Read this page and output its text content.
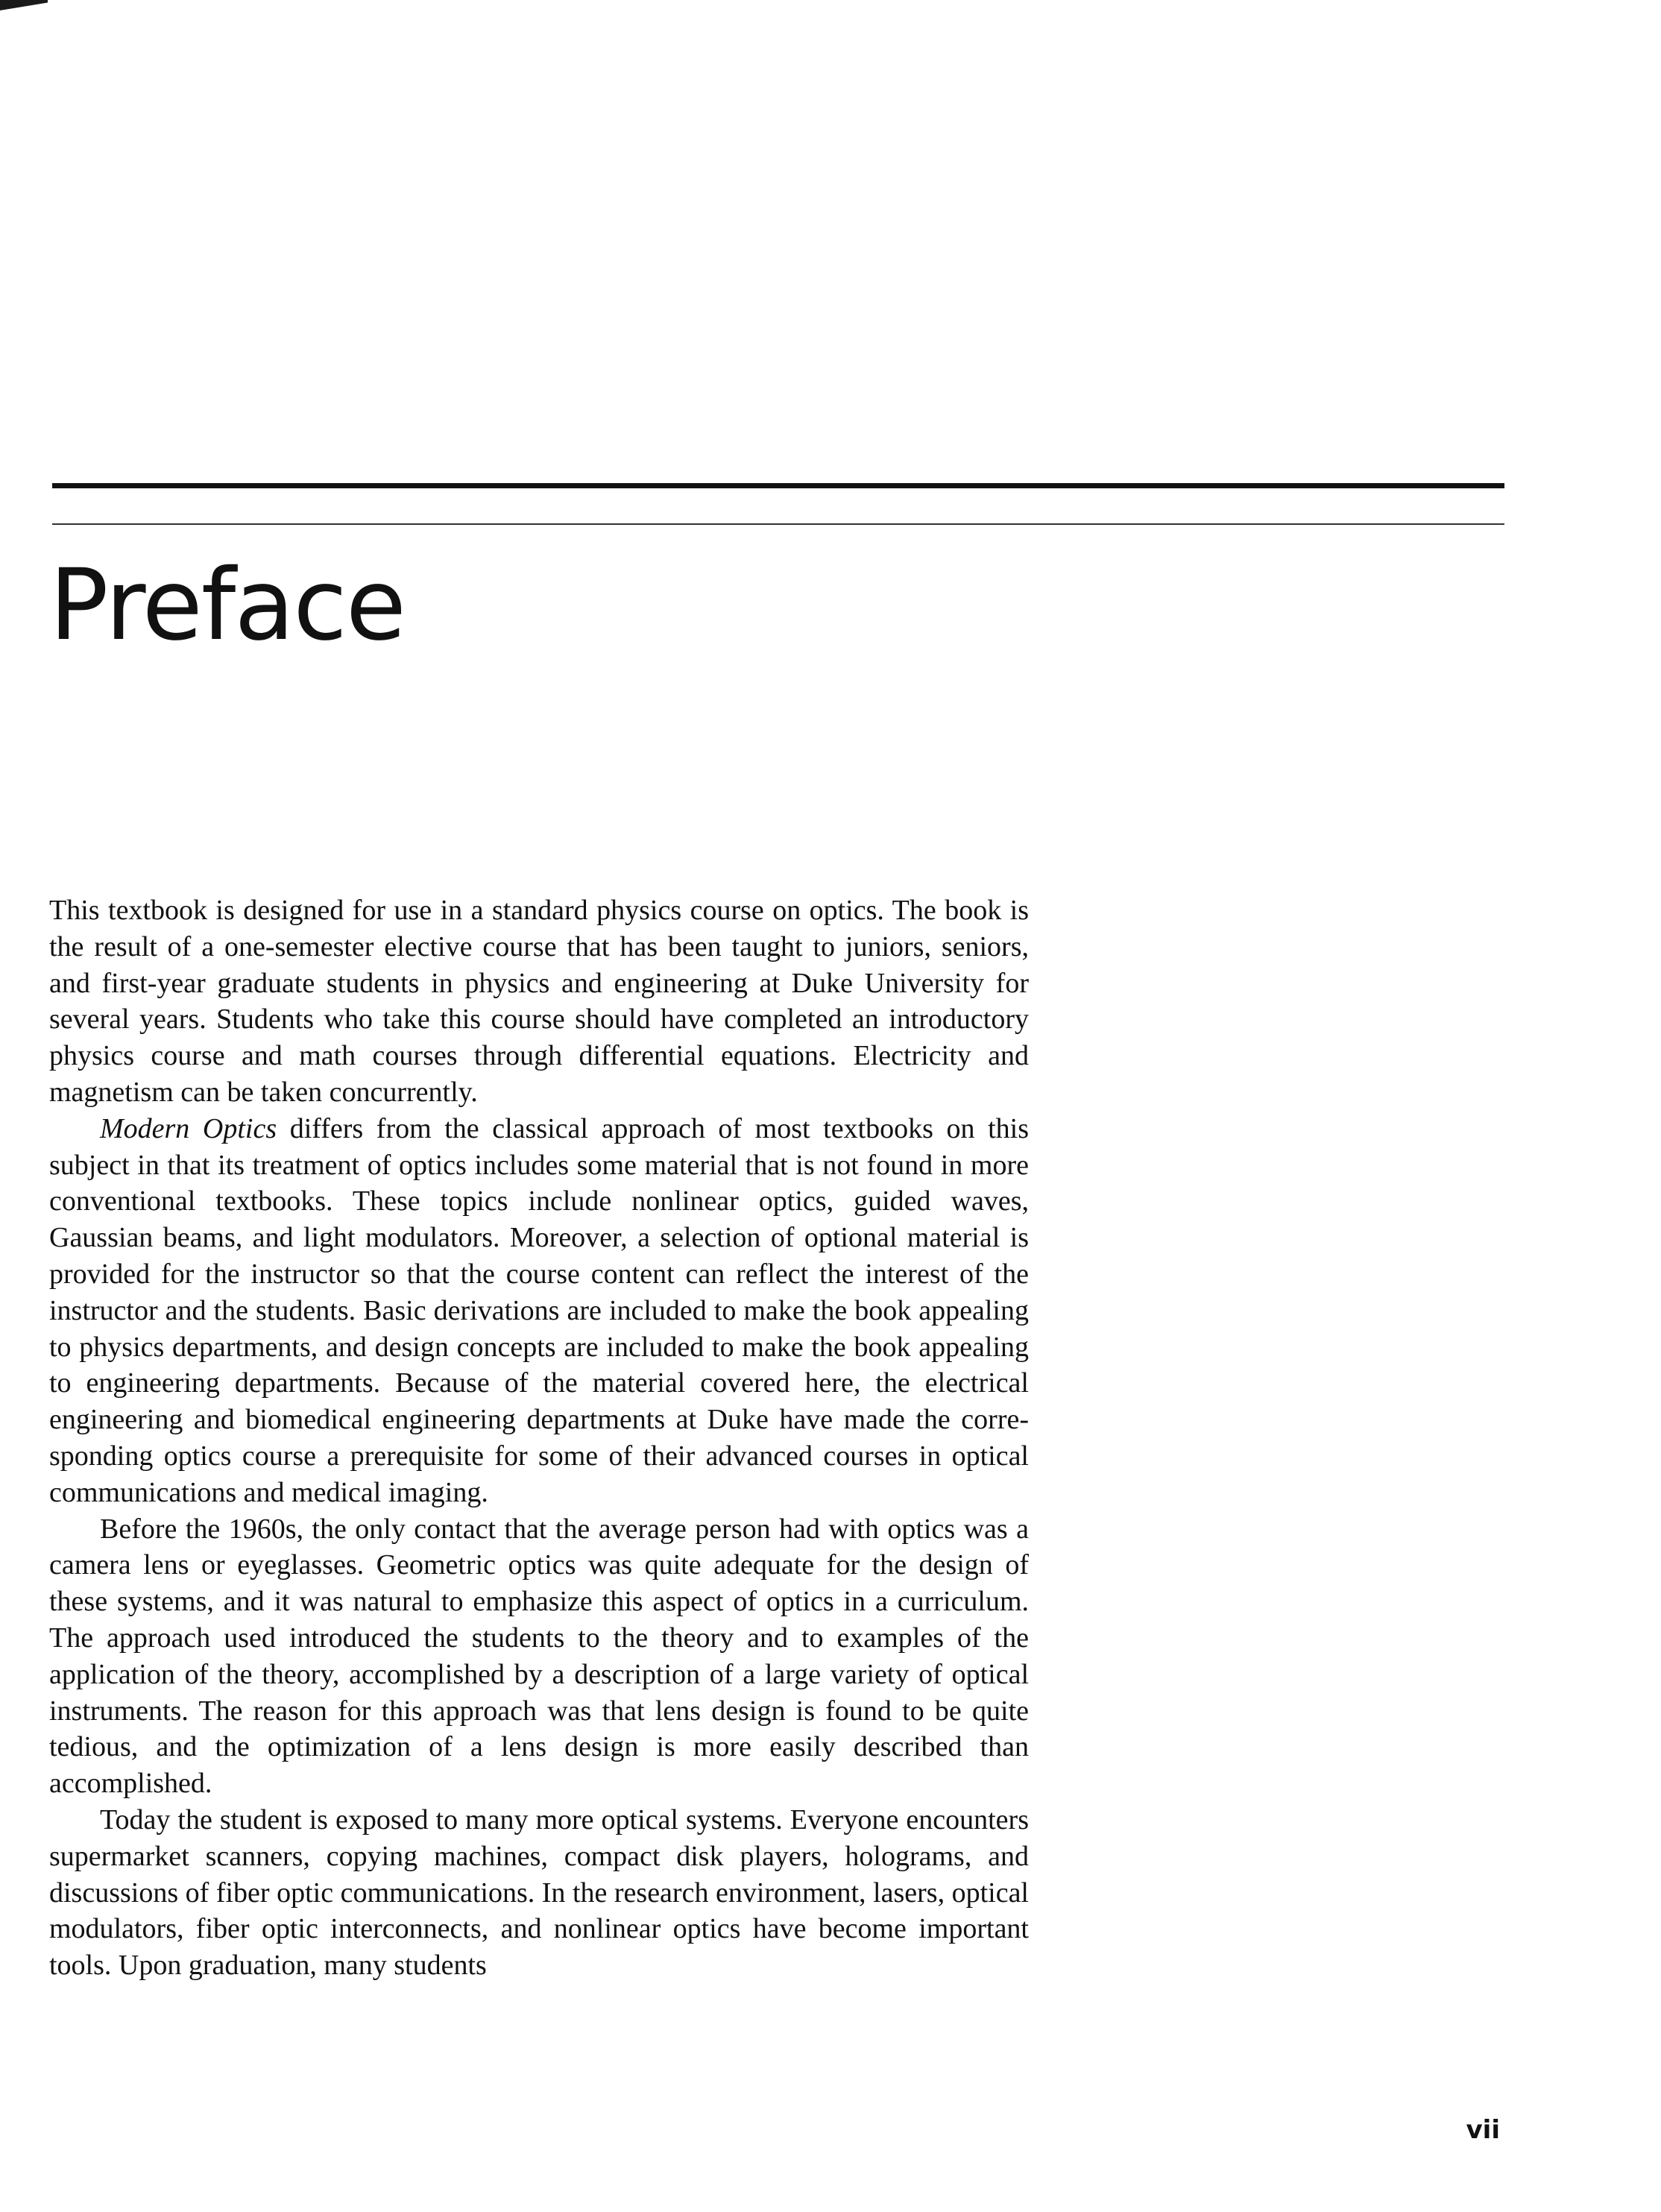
Preface

This textbook is designed for use in a standard physics course on optics. The book is the result of a one-semester elective course that has been taught to juniors, seniors, and first-year graduate students in physics and engineering at Duke University for several years. Students who take this course should have completed an introductory physics course and math courses through differential equations. Electricity and magnetism can be taken concurrently.

Modern Optics differs from the classical approach of most textbooks on this subject in that its treatment of optics includes some material that is not found in more conventional textbooks. These topics include nonlinear optics, guided waves, Gaussian beams, and light modulators. Moreover, a selection of optional material is provided for the instructor so that the course content can reflect the interest of the instructor and the students. Basic derivations are included to make the book appealing to physics departments, and design concepts are included to make the book appealing to engineering departments. Because of the material covered here, the electrical engineering and biomedical engineering departments at Duke have made the corresponding optics course a prerequisite for some of their advanced courses in optical communications and medical imaging.

Before the 1960s, the only contact that the average person had with optics was a camera lens or eyeglasses. Geometric optics was quite adequate for the design of these systems, and it was natural to emphasize this aspect of optics in a curriculum. The approach used introduced the students to the theory and to examples of the application of the theory, accomplished by a description of a large variety of optical instruments. The reason for this approach was that lens design is found to be quite tedious, and the optimization of a lens design is more easily described than accomplished.

Today the student is exposed to many more optical systems. Everyone encounters supermarket scanners, copying machines, compact disk players, holograms, and discussions of fiber optic communications. In the research environment, lasers, optical modulators, fiber optic interconnects, and nonlinear optics have become important tools. Upon graduation, many students

vii
